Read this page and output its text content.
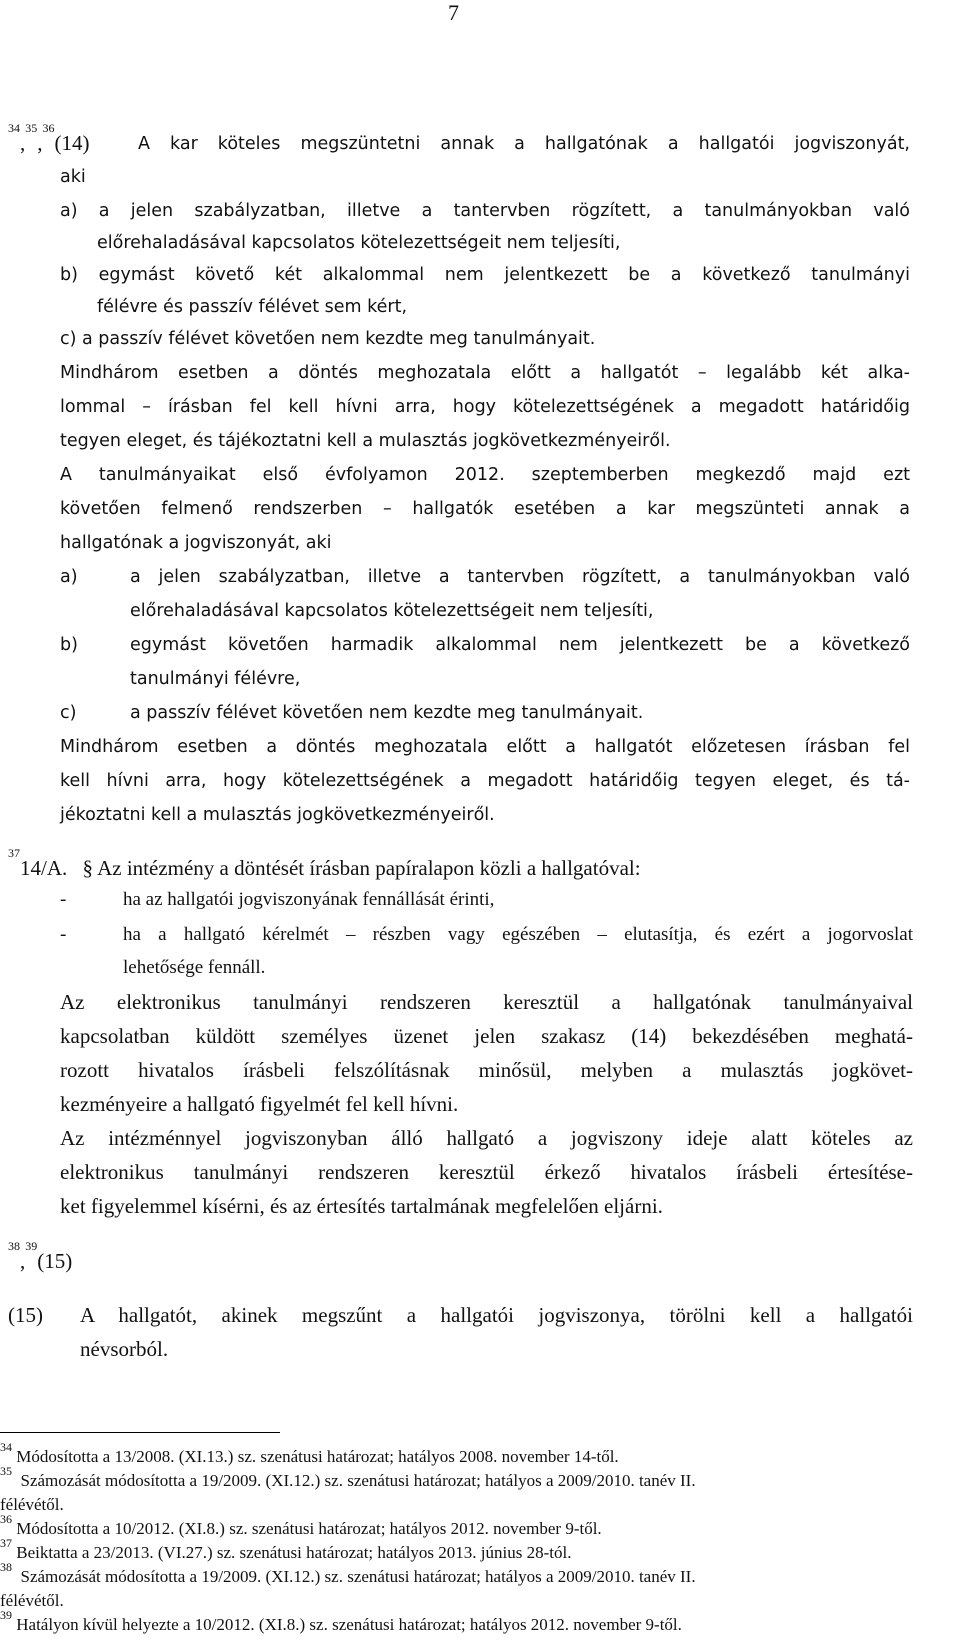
7
$^{34}$,$^{35}$,$^{36}$(14)	A kar köteles megszüntetni annak a hallgatónak a hallgatói jogviszonyát,
aki
a) a jelen szabályzatban, illetve a tantervben rögzített, a tanulmányokban való
előrehaladásával kapcsolatos kötelezettségeit nem teljesíti,
b) egymást követő két alkalommal nem jelentkezett be a következő tanulmányi
félévre és passzív félévet sem kért,
c) a passzív félévet követően nem kezdte meg tanulmányait.
Mindhárom esetben a döntés meghozatala előtt a hallgatót – legalább két alka-
lommal – írásban fel kell hívni arra, hogy kötelezettségének a megadott határidőig
tegyen eleget, és tájékoztatni kell a mulasztás jogkövetkezményeiről.
A tanulmányaikat első évfolyamon 2012. szeptemberben megkezdő majd ezt
követően felmenő rendszerben – hallgatók esetében a kar megszünteti annak a
hallgatónak a jogviszonyát, aki
a)	a jelen szabályzatban, illetve a tantervben rögzített, a tanulmányokban való
előrehaladásával kapcsolatos kötelezettségeit nem teljesíti,
b)	egymást követően harmadik alkalommal nem jelentkezett be a következő
tanulmányi félévre,
c)	a passzív félévet követően nem kezdte meg tanulmányait.
Mindhárom esetben a döntés meghozatala előtt a hallgatót előzetesen írásban fel
kell hívni arra, hogy kötelezettségének a megadott határidőig tegyen eleget, és tá-
jékoztatni kell a mulasztás jogkövetkezményeiről.
$^{37}$14/A. § Az intézmény a döntését írásban papíralapon közli a hallgatóval:
-	ha az hallgatói jogviszonyának fennállását érinti,
-	ha a hallgató kérelmét – részben vagy egészében – elutasítja, és ezért a jogorvoslat
lehetősége fennáll.
Az elektronikus tanulmányi rendszeren keresztül a hallgatónak tanulmányaival
kapcsolatban küldött személyes üzenet jelen szakasz (14) bekezdésében meghatá-
rozott hivatalos írásbeli felszólításnak minősül, melyben a mulasztás jogkövet-
kezményeire a hallgató figyelmét fel kell hívni.
Az intézménnyel jogviszonyban álló hallgató a jogviszony ideje alatt köteles az
elektronikus tanulmányi rendszeren keresztül érkező hivatalos írásbeli értesítése-
ket figyelemmel kísérni, és az értesítés tartalmának megfelelően eljárni.
$^{38}$,$^{39}$(15)
(15) A hallgatót, akinek megszűnt a hallgatói jogviszonya, törölni kell a hallgatói
névsorból.
$^{34}$ Módosította a 13/2008. (XI.13.) sz. szenátusi határozat; hatályos 2008. november 14-től.
$^{35}$ Számozását módosította a 19/2009. (XI.12.) sz. szenátusi határozat; hatályos a 2009/2010. tanév II.
félévétől.
$^{36}$ Módosította a 10/2012. (XI.8.) sz. szenátusi határozat; hatályos 2012. november 9-től.
$^{37}$ Beiktatta a 23/2013. (VI.27.) sz. szenátusi határozat; hatályos 2013. június 28-tól.
$^{38}$ Számozását módosította a 19/2009. (XI.12.) sz. szenátusi határozat; hatályos a 2009/2010. tanév II.
félévétől.
$^{39}$ Hatályon kívül helyezte a 10/2012. (XI.8.) sz. szenátusi határozat; hatályos 2012. november 9-től.
